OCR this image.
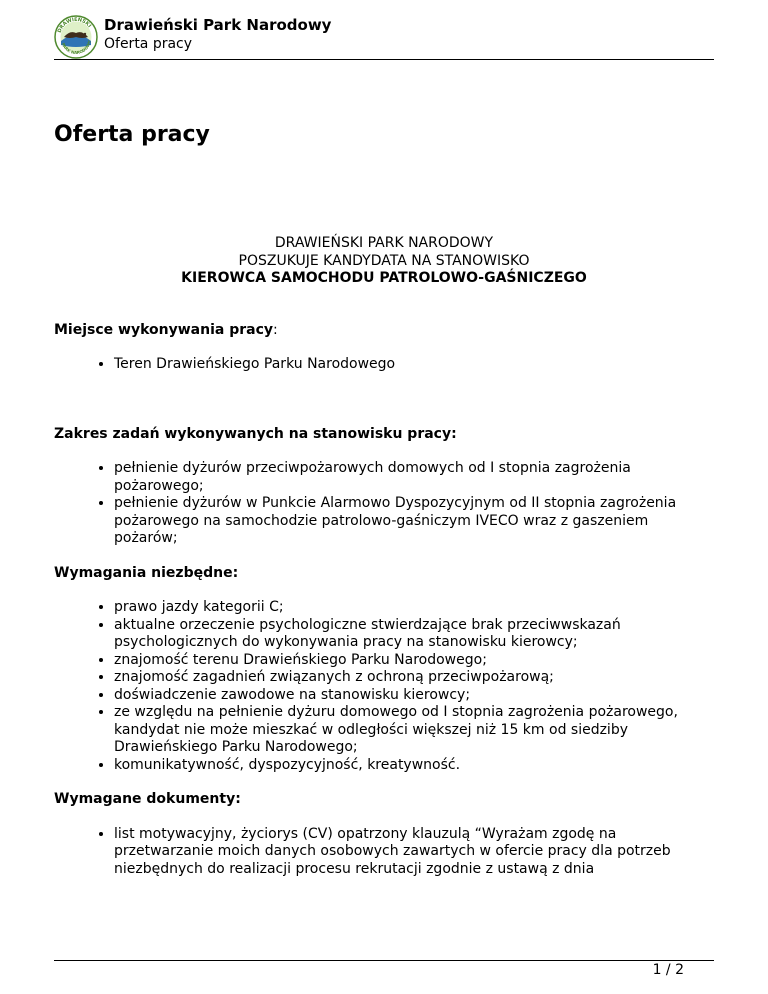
DRAWIEŃSKI
PARK NARODOWY
Drawieński Park Narodowy
Oferta pracy
Oferta pracy
DRAWIEŃSKI PARK NARODOWY
POSZUKUJE KANDYDATA NA STANOWISKO
KIEROWCA SAMOCHODU PATROLOWO-GAŚNICZEGO

Miejsce wykonywania pracy:

• Teren Drawieńskiego Parku Narodowego

Zakres zadań wykonywanych na stanowisku pracy:

• pełnienie dyżurów przeciwpożarowych domowych od I stopnia zagrożenia pożarowego;
• pełnienie dyżurów w Punkcie Alarmowo Dyspozycyjnym od II stopnia zagrożenia pożarowego na samochodzie patrolowo-gaśniczym IVECO wraz z gaszeniem pożarów;

Wymagania niezbędne:

• prawo jazdy kategorii C;
• aktualne orzeczenie psychologiczne stwierdzające brak przeciwwskazań psychologicznych do wykonywania pracy na stanowisku kierowcy;
• znajomość terenu Drawieńskiego Parku Narodowego;
• znajomość zagadnień związanych z ochroną przeciwpożarową;
• doświadczenie zawodowe na stanowisku kierowcy;
• ze względu na pełnienie dyżuru domowego od I stopnia zagrożenia pożarowego, kandydat nie może mieszkać w odległości większej niż 15 km od siedziby Drawieńskiego Parku Narodowego;
• komunikatywność, dyspozycyjność, kreatywność.

Wymagane dokumenty:

• list motywacyjny, życiorys (CV) opatrzony klauzulą “Wyrażam zgodę na przetwarzanie moich danych osobowych zawartych w ofercie pracy dla potrzeb niezbędnych do realizacji procesu rekrutacji zgodnie z ustawą z dnia
1 / 2
